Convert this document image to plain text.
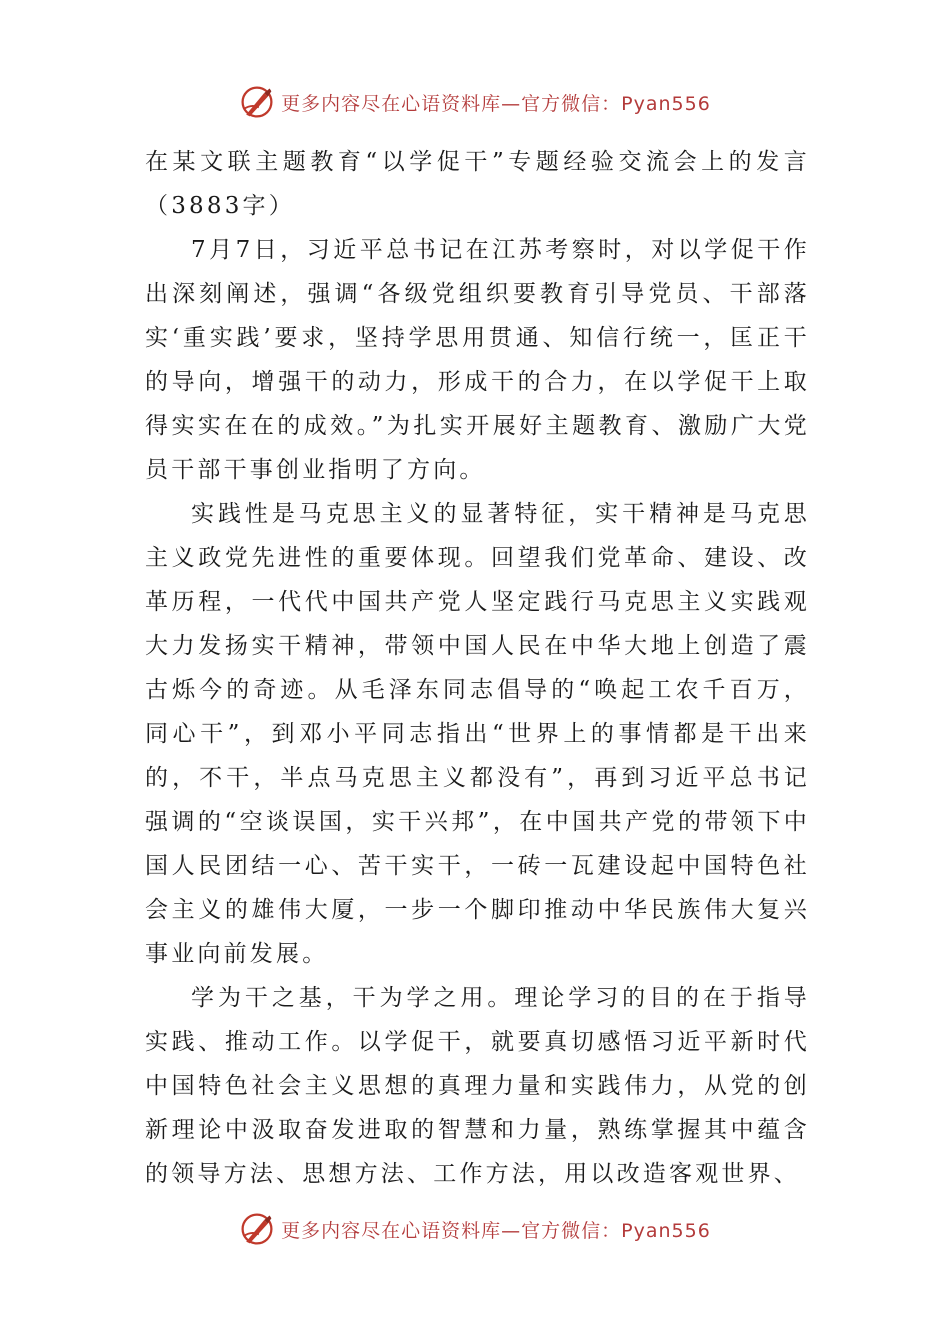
更多内容尽在心语资料库—官方微信：Pyan556

在某文联主题教育“以学促干”专题经验交流会上的发言（3883字）

7月7日，习近平总书记在江苏考察时，对以学促干作出深刻阐述，强调“各级党组织要教育引导党员、干部落实‘重实践’要求，坚持学思用贯通、知信行统一，匡正干的导向，增强干的动力，形成干的合力，在以学促干上取得实实在在的成效。”为扎实开展好主题教育、激励广大党员干部干事创业指明了方向。

实践性是马克思主义的显著特征，实干精神是马克思主义政党先进性的重要体现。回望我们党革命、建设、改革历程，一代代中国共产党人坚定践行马克思主义实践观大力发扬实干精神，带领中国人民在中华大地上创造了震古烁今的奇迹。从毛泽东同志倡导的“唤起工农千百万，同心干”，到邓小平同志指出“世界上的事情都是干出来的，不干，半点马克思主义都没有”，再到习近平总书记强调的“空谈误国，实干兴邦”，在中国共产党的带领下中国人民团结一心、苦干实干，一砖一瓦建设起中国特色社会主义的雄伟大厦，一步一个脚印推动中华民族伟大复兴事业向前发展。

学为干之基，干为学之用。理论学习的目的在于指导实践、推动工作。以学促干，就要真切感悟习近平新时代中国特色社会主义思想的真理力量和实践伟力，从党的创新理论中汲取奋发进取的智慧和力量，熟练掌握其中蕴含的领导方法、思想方法、工作方法，用以改造客观世界、

更多内容尽在心语资料库—官方微信：Pyan556
